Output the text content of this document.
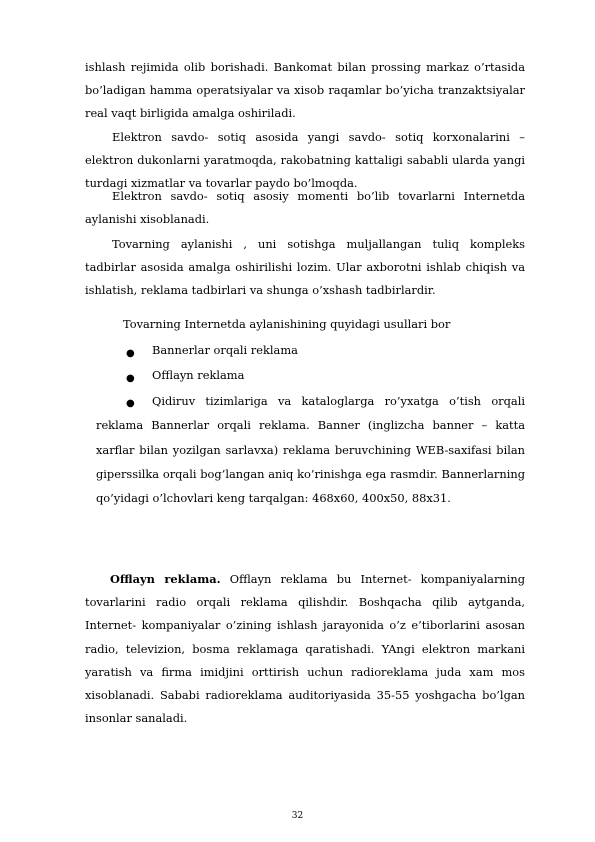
ishlash rejimida olib borishadi. Bankomat bilan prossing markaz o’rtasida bo’ladigan hamma operatsiyalar va xisob raqamlar bo’yicha tranzaktsiyalar real vaqt birligida amalga oshiriladi.

Elektron savdo- sotiq asosida yangi savdo- sotiq korxonalarini – elektron dukonlarni yaratmoqda, rakobatning kattaligi sababli ularda yangi turdagi xizmatlar va tovarlar paydo bo’lmoqda.

Elektron savdo- sotiq asosiy momenti bo’lib tovarlarni Internetda aylanishi xisoblanadi.

Tovarning aylanishi , uni sotishga muljallangan tuliq kompleks tadbirlar asosida amalga oshirilishi lozim. Ular axborotni ishlab chiqish va ishlatish, reklama tadbirlari va shunga o’xshash tadbirlardir.

Tovarning Internetda aylanishining quyidagi usullari bor

● Bannerlar orqali reklama

● Offlayn reklama

●	Qidiruv tizimlariga va kataloglarga ro’yxatga o’tish orqali reklama Bannerlar orqali reklama. Banner (inglizcha banner – katta xarflar bilan yozilgan sarlavxa) reklama beruvchining WEB-saxifasi bilan giperssilka orqali bog’langan aniq ko’rinishga ega rasmdir. Bannerlarning qo’yidagi o’lchovlari keng tarqalgan: 468x60, 400x50, 88x31.

Offlayn reklama. Offlayn reklama bu Internet- kompaniyalarning tovarlarini radio orqali reklama qilishdir. Boshqacha qilib aytganda, Internet- kompaniyalar o’zining ishlash jarayonida o’z e’tiborlarini asosan radio, televizion, bosma reklamaga qaratishadi. YAngi elektron markani yaratish va firma imidjini orttirish uchun radioreklama juda xam mos xisoblanadi. Sababi radioreklama auditoriyasida 35-55 yoshgacha bo’lgan insonlar sanaladi.

32
